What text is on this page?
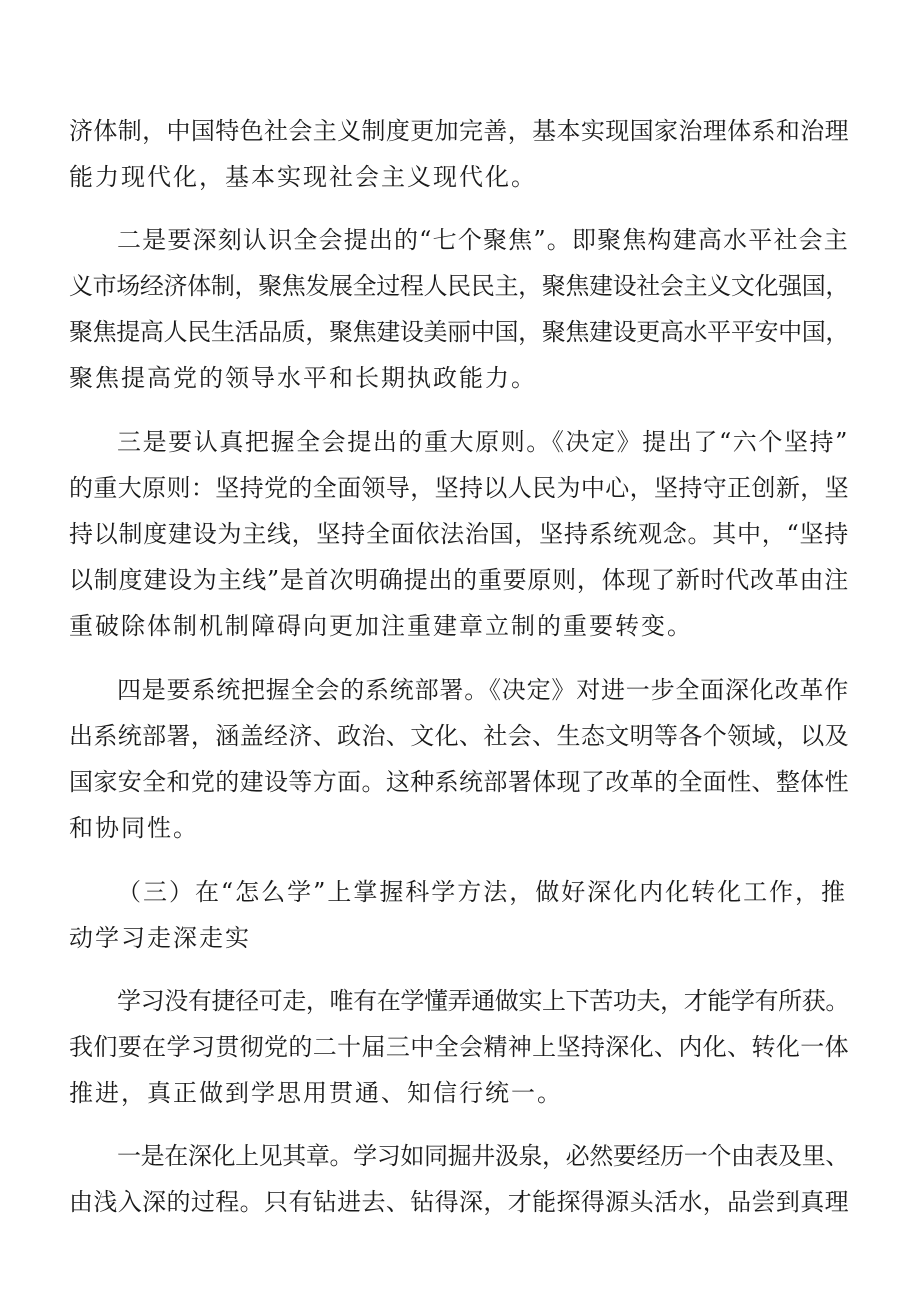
济体制，中国特色社会主义制度更加完善，基本实现国家治理体系和治理
能力现代化，基本实现社会主义现代化。
二是要深刻认识全会提出的“七个聚焦”。即聚焦构建高水平社会主
义市场经济体制，聚焦发展全过程人民民主，聚焦建设社会主义文化强国，
聚焦提高人民生活品质，聚焦建设美丽中国，聚焦建设更高水平平安中国，
聚焦提高党的领导水平和长期执政能力。
三是要认真把握全会提出的重大原则。《决定》提出了“六个坚持”
的重大原则：坚持党的全面领导，坚持以人民为中心，坚持守正创新，坚
持以制度建设为主线，坚持全面依法治国，坚持系统观念。其中，“坚持
以制度建设为主线”是首次明确提出的重要原则，体现了新时代改革由注
重破除体制机制障碍向更加注重建章立制的重要转变。
四是要系统把握全会的系统部署。《决定》对进一步全面深化改革作
出系统部署，涵盖经济、政治、文化、社会、生态文明等各个领域，以及
国家安全和党的建设等方面。这种系统部署体现了改革的全面性、整体性
和协同性。
（三）在“怎么学”上掌握科学方法，做好深化内化转化工作，推
动学习走深走实
学习没有捷径可走，唯有在学懂弄通做实上下苦功夫，才能学有所获。
我们要在学习贯彻党的二十届三中全会精神上坚持深化、内化、转化一体
推进，真正做到学思用贯通、知信行统一。
一是在深化上见其章。学习如同掘井汲泉，必然要经历一个由表及里、
由浅入深的过程。只有钻进去、钻得深，才能探得源头活水，品尝到真理
